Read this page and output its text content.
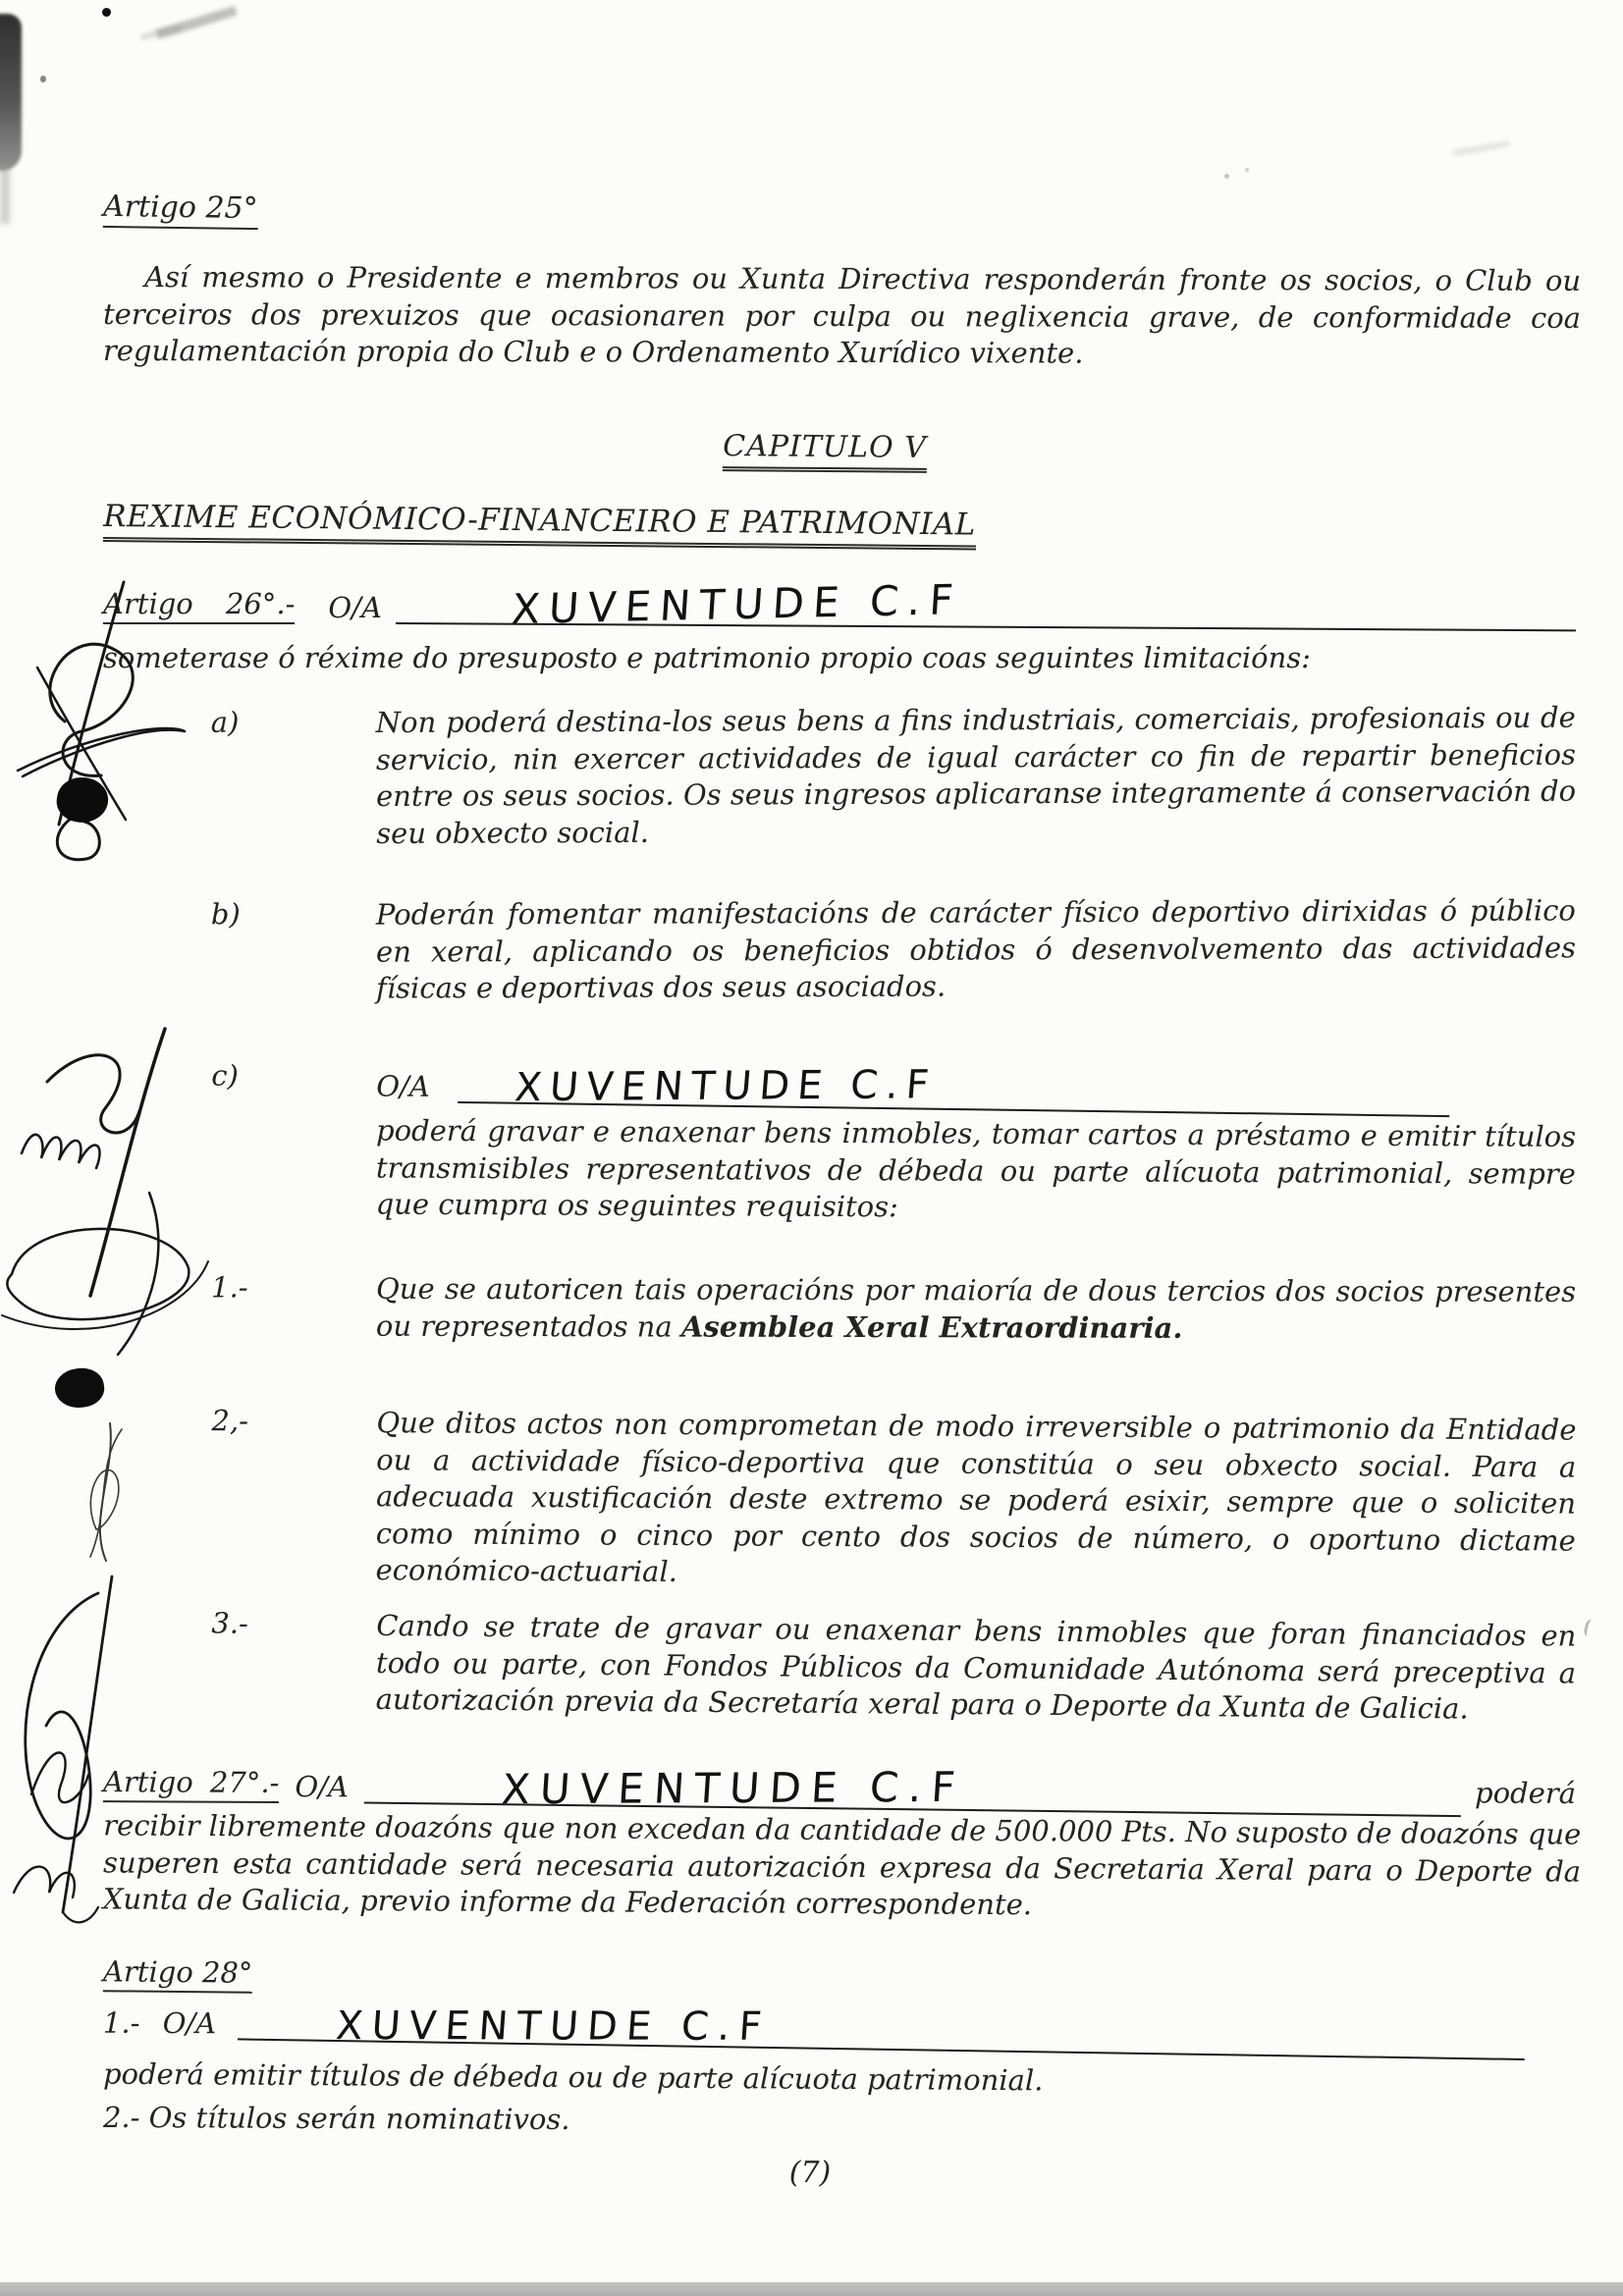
Artigo 25°

Así mesmo o Presidente e membros ou Xunta Directiva responderán fronte os socios, o Club ou terceiros dos prexuizos que ocasionaren por culpa ou neglixencia grave, de conformidade coa regulamentación propia do Club e o Ordenamento Xurídico vixente.

CAPITULO V
REXIME ECONÓMICO-FINANCEIRO E PATRIMONIAL
Artigo 26°.- O/A	XUVENTUDE C.F

someterase ó réxime do presuposto e patrimonio propio coas seguintes limitacións:

a)	Non poderá destina-los seus bens a fins industriais, comerciais, profesionais ou de servicio, nin exercer actividades de igual carácter co fin de repartir beneficios entre os seus socios. Os seus ingresos aplicaranse integramente á conservación do seu obxecto social.
b)	Poderán fomentar manifestacións de carácter físico deportivo dirixidas ó público en xeral, aplicando os beneficios obtidos ó desenvolvemento das actividades físicas e deportivas dos seus asociados.
c)	O/A XUVENTUDE C.F

poderá gravar e enaxenar bens inmobles, tomar cartos a préstamo e emitir títulos transmisibles representativos de débeda ou parte alícuota patrimonial, sempre que cumpra os seguintes requisitos:

1.-	Que se autoricen tais operacións por maioría de dous tercios dos socios presentes ou representados na Asemblea Xeral Extraordinaria.
2,-	Que ditos actos non comprometan de modo irreversible o patrimonio da Entidade ou a actividade físico-deportiva que constitúa o seu obxecto social. Para a adecuada xustificación deste extremo se poderá esixir, sempre que o soliciten como mínimo o cinco por cento dos socios de número, o oportuno dictame económico-actuarial.
3.-	Cando se trate de gravar ou enaxenar bens inmobles que foran financiados en todo ou parte, con Fondos Públicos da Comunidade Autónoma será preceptiva a autorización previa da Secretaría xeral para o Deporte da Xunta de Galicia.
Artigo 27°.- O/A	XUVENTUDE C.F	poderá

recibir libremente doazóns que non excedan da cantidade de 500.000 Pts. No suposto de doazóns que superen esta cantidade será necesaria autorización expresa da Secretaria Xeral para o Deporte da Xunta de Galicia, previo informe da Federación correspondente.

Artigo 28°
1.- O/A	XUVENTUDE C.F

poderá emitir títulos de débeda ou de parte alícuota patrimonial.

2.- Os títulos serán nominativos.

(7)
